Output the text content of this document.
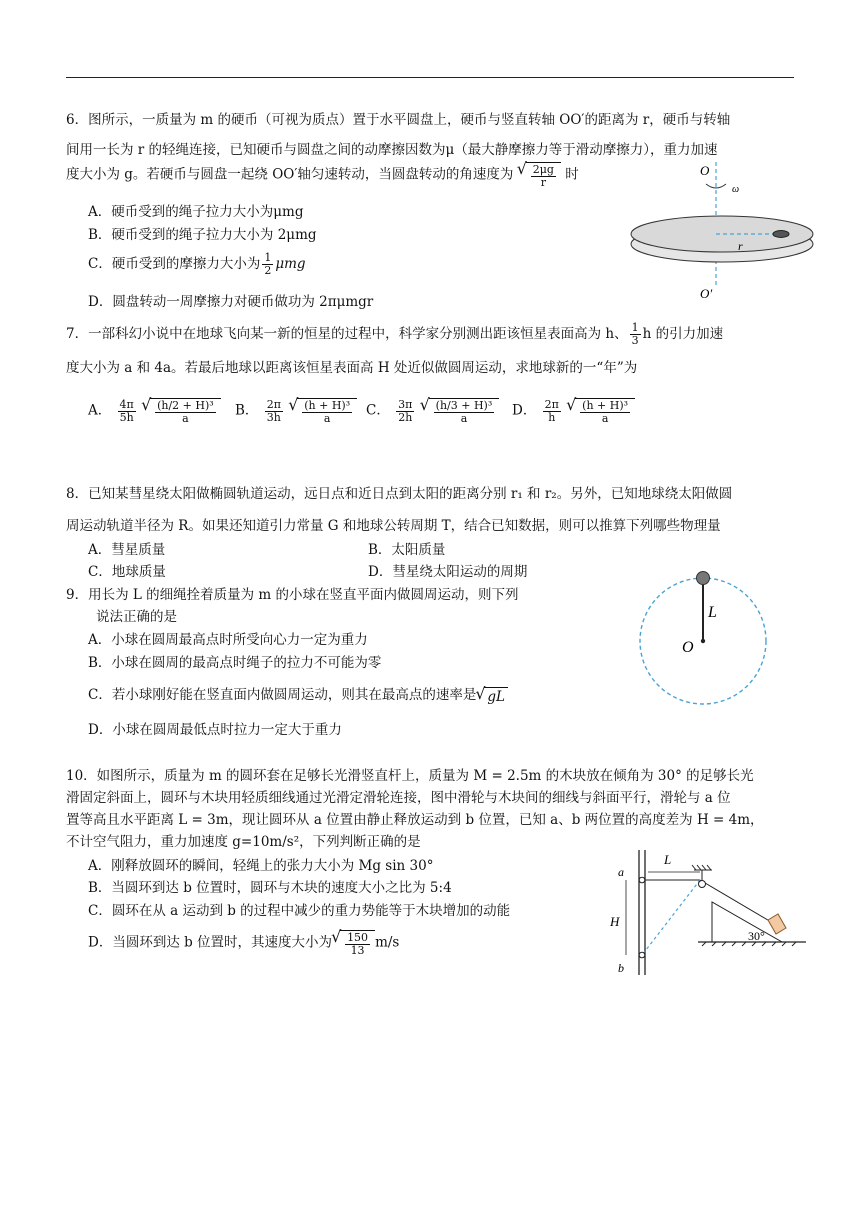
6．图所示，一质量为 m 的硬币（可视为质点）置于水平圆盘上，硬币与竖直转轴 OO′的距离为 r，硬币与转轴
间用一长为 r 的轻绳连接，已知硬币与圆盘之间的动摩擦因数为μ（最大静摩擦力等于滑动摩擦力），重力加速
度大小为 g。若硬币与圆盘一起绕 OO′轴匀速转动，当圆盘转动的角速度为 √ $\frac{2\mu g}{r}$ 时
A．硬币受到的绳子拉力大小为μmg
B．硬币受到的绳子拉力大小为 2μmg
C．硬币受到的摩擦力大小为 $\frac{1}{2}$ μmg
D．圆盘转动一周摩擦力对硬币做功为 2πμmgr
O
ω
r
O′
7．一部科幻小说中在地球飞向某一新的恒星的过程中，科学家分别测出距该恒星表面高为 h、 $\frac{1}{3}$ h 的引力加速
度大小为 a 和 4a。若最后地球以距离该恒星表面高 H 处近似做圆周运动，求地球新的一“年”为
A． $\frac{4\pi}{5h}$
√ $\frac{\text{(h/2 + H)³}}{a}$ B． $\frac{2\pi}{3h}$
√ $\frac{\text{(h + H)³}}{a}$ C． $\frac{3\pi}{2h}$
√ $\frac{\text{(h/3 + H)³}}{a}$ D． $\frac{2\pi}{h}$
√ $\frac{\text{(h + H)³}}{a}$
8．已知某彗星绕太阳做椭圆轨道运动，远日点和近日点到太阳的距离分别 r₁ 和 r₂。另外，已知地球绕太阳做圆
周运动轨道半径为 R。如果还知道引力常量 G 和地球公转周期 T，结合已知数据，则可以推算下列哪些物理量
A．彗星质量	B．太阳质量
C．地球质量	D．彗星绕太阳运动的周期
9．用长为 L 的细绳拴着质量为 m 的小球在竖直平面内做圆周运动，则下列
说法正确的是
A．小球在圆周最高点时所受向心力一定为重力
B．小球在圆周的最高点时绳子的拉力不可能为零
C．若小球刚好能在竖直面内做圆周运动，则其在最高点的速率是 √ gL
D．小球在圆周最低点时拉力一定大于重力
L
O
10．如图所示，质量为 m 的圆环套在足够长光滑竖直杆上，质量为 M = 2.5m 的木块放在倾角为 30° 的足够长光
滑固定斜面上，圆环与木块用轻质细线通过光滑定滑轮连接，图中滑轮与木块间的细线与斜面平行，滑轮与 a 位
置等高且水平距离 L = 3m，现让圆环从 a 位置由静止释放运动到 b 位置，已知 a、b 两位置的高度差为 H = 4m，
不计空气阻力，重力加速度 g=10m/s²，下列判断正确的是
A．刚释放圆环的瞬间，轻绳上的张力大小为 Mg sin 30°
B．当圆环到达 b 位置时，圆环与木块的速度大小之比为 5:4
C．圆环在从 a 运动到 b 的过程中减少的重力势能等于木块增加的动能
D．当圆环到达 b 位置时，其速度大小为 √ $\frac{150}{13} m/s$
L
H
a
b
30°
